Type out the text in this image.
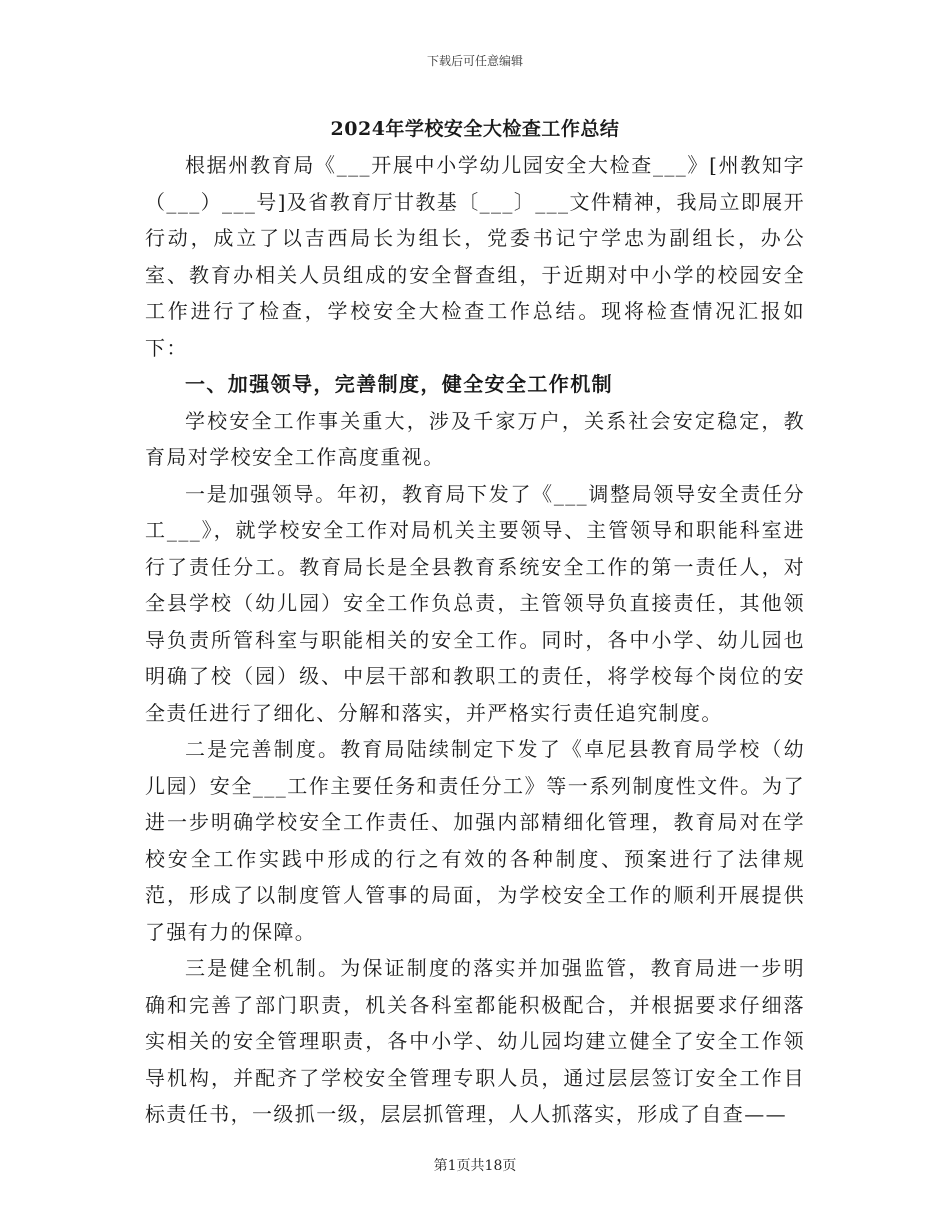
下载后可任意编辑
2024年学校安全大检查工作总结

根据州教育局《___开展中小学幼儿园安全大检查___》[州教知字（___）___号]及省教育厅甘教基〔___〕___文件精神，我局立即展开行动，成立了以吉西局长为组长，党委书记宁学忠为副组长，办公室、教育办相关人员组成的安全督查组，于近期对中小学的校园安全工作进行了检查，学校安全大检查工作总结。现将检查情况汇报如下：

一、加强领导，完善制度，健全安全工作机制

学校安全工作事关重大，涉及千家万户，关系社会安定稳定，教育局对学校安全工作高度重视。

一是加强领导。年初，教育局下发了《___调整局领导安全责任分工___》，就学校安全工作对局机关主要领导、主管领导和职能科室进行了责任分工。教育局长是全县教育系统安全工作的第一责任人，对全县学校（幼儿园）安全工作负总责，主管领导负直接责任，其他领导负责所管科室与职能相关的安全工作。同时，各中小学、幼儿园也明确了校（园）级、中层干部和教职工的责任，将学校每个岗位的安全责任进行了细化、分解和落实，并严格实行责任追究制度。

二是完善制度。教育局陆续制定下发了《卓尼县教育局学校（幼儿园）安全___工作主要任务和责任分工》等一系列制度性文件。为了进一步明确学校安全工作责任、加强内部精细化管理，教育局对在学校安全工作实践中形成的行之有效的各种制度、预案进行了法律规范，形成了以制度管人管事的局面，为学校安全工作的顺利开展提供了强有力的保障。

三是健全机制。为保证制度的落实并加强监管，教育局进一步明确和完善了部门职责，机关各科室都能积极配合，并根据要求仔细落实相关的安全管理职责，各中小学、幼儿园均建立健全了安全工作领导机构，并配齐了学校安全管理专职人员，通过层层签订安全工作目标责任书，一级抓一级，层层抓管理，人人抓落实，形成了自查——

第1页共18页
